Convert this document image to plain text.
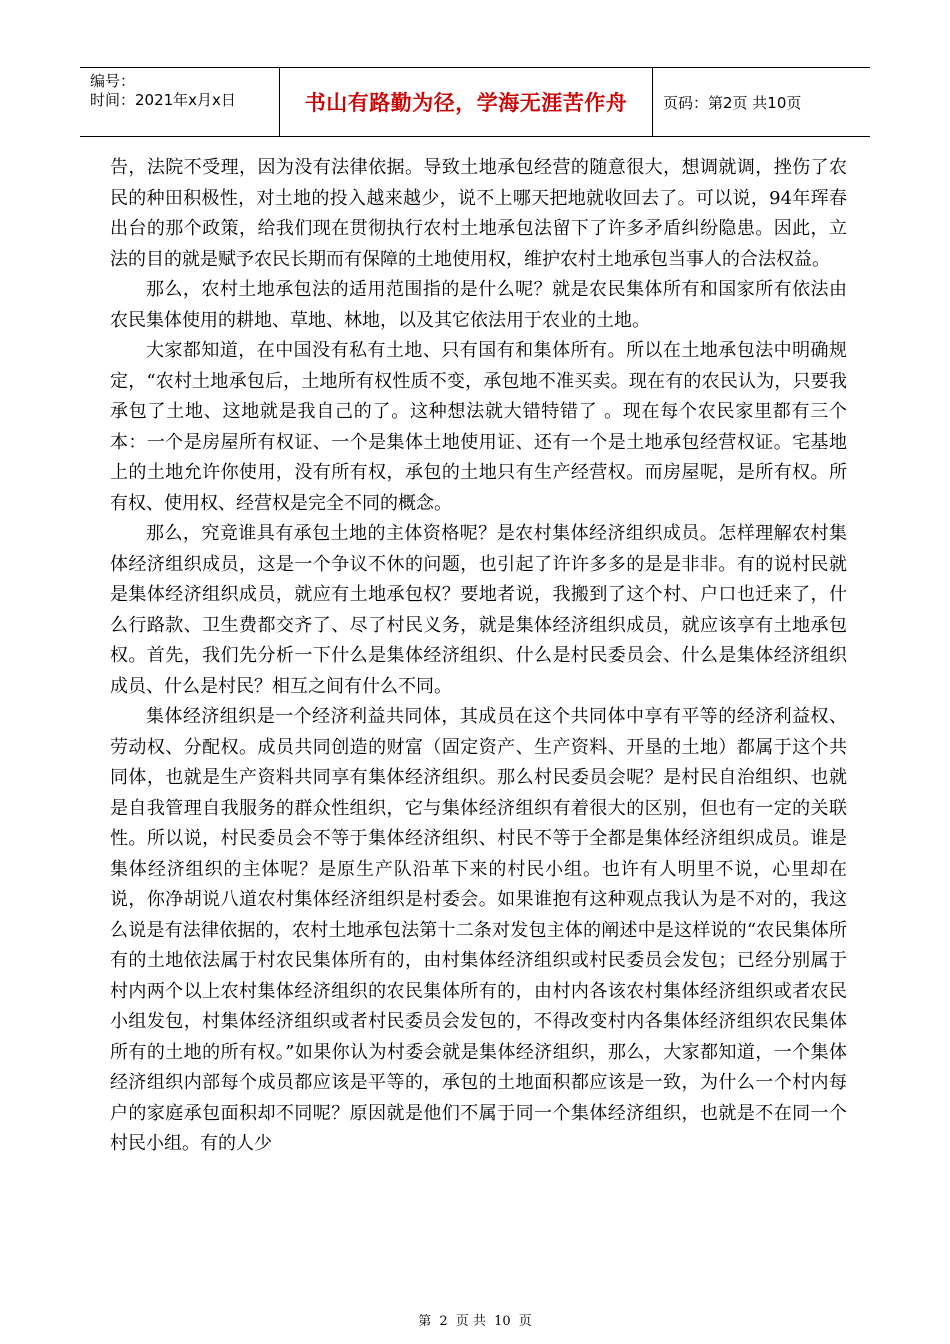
编号：
时间：2021年x月x日	书山有路勤为径，学海无涯苦作舟	页码：第2页 共10页

告，法院不受理，因为没有法律依据。导致土地承包经营的随意很大，想调就调，挫伤了农民的种田积极性，对土地的投入越来越少，说不上哪天把地就收回去了。可以说，94年珲春出台的那个政策，给我们现在贯彻执行农村土地承包法留下了许多矛盾纠纷隐患。因此，立法的目的就是赋予农民长期而有保障的土地使用权，维护农村土地承包当事人的合法权益。

那么，农村土地承包法的适用范围指的是什么呢？就是农民集体所有和国家所有依法由农民集体使用的耕地、草地、林地，以及其它依法用于农业的土地。

大家都知道，在中国没有私有土地、只有国有和集体所有。所以在土地承包法中明确规定，“农村土地承包后，土地所有权性质不变，承包地不准买卖。现在有的农民认为，只要我承包了土地、这地就是我自己的了。这种想法就大错特错了 。现在每个农民家里都有三个本：一个是房屋所有权证、一个是集体土地使用证、还有一个是土地承包经营权证。宅基地上的土地允许你使用，没有所有权，承包的土地只有生产经营权。而房屋呢，是所有权。所有权、使用权、经营权是完全不同的概念。

那么，究竟谁具有承包土地的主体资格呢？是农村集体经济组织成员。怎样理解农村集体经济组织成员，这是一个争议不休的问题，也引起了许许多多的是是非非。有的说村民就是集体经济组织成员，就应有土地承包权？要地者说，我搬到了这个村、户口也迁来了，什么行路款、卫生费都交齐了、尽了村民义务，就是集体经济组织成员，就应该享有土地承包权。首先，我们先分析一下什么是集体经济组织、什么是村民委员会、什么是集体经济组织成员、什么是村民？相互之间有什么不同。

集体经济组织是一个经济利益共同体，其成员在这个共同体中享有平等的经济利益权、劳动权、分配权。成员共同创造的财富（固定资产、生产资料、开垦的土地）都属于这个共同体，也就是生产资料共同享有集体经济组织。那么村民委员会呢？是村民自治组织、也就是自我管理自我服务的群众性组织，它与集体经济组织有着很大的区别，但也有一定的关联性。所以说，村民委员会不等于集体经济组织、村民不等于全都是集体经济组织成员。谁是集体经济组织的主体呢？是原生产队沿革下来的村民小组。也许有人明里不说，心里却在说，你净胡说八道农村集体经济组织是村委会。如果谁抱有这种观点我认为是不对的，我这么说是有法律依据的，农村土地承包法第十二条对发包主体的阐述中是这样说的“农民集体所有的土地依法属于村农民集体所有的，由村集体经济组织或村民委员会发包；已经分别属于村内两个以上农村集体经济组织的农民集体所有的，由村内各该农村集体经济组织或者农民小组发包，村集体经济组织或者村民委员会发包的，不得改变村内各集体经济组织农民集体所有的土地的所有权。”如果你认为村委会就是集体经济组织，那么，大家都知道，一个集体经济组织内部每个成员都应该是平等的，承包的土地面积都应该是一致，为什么一个村内每户的家庭承包面积却不同呢？原因就是他们不属于同一个集体经济组织，也就是不在同一个村民小组。有的人少

第 2 页 共 10 页
